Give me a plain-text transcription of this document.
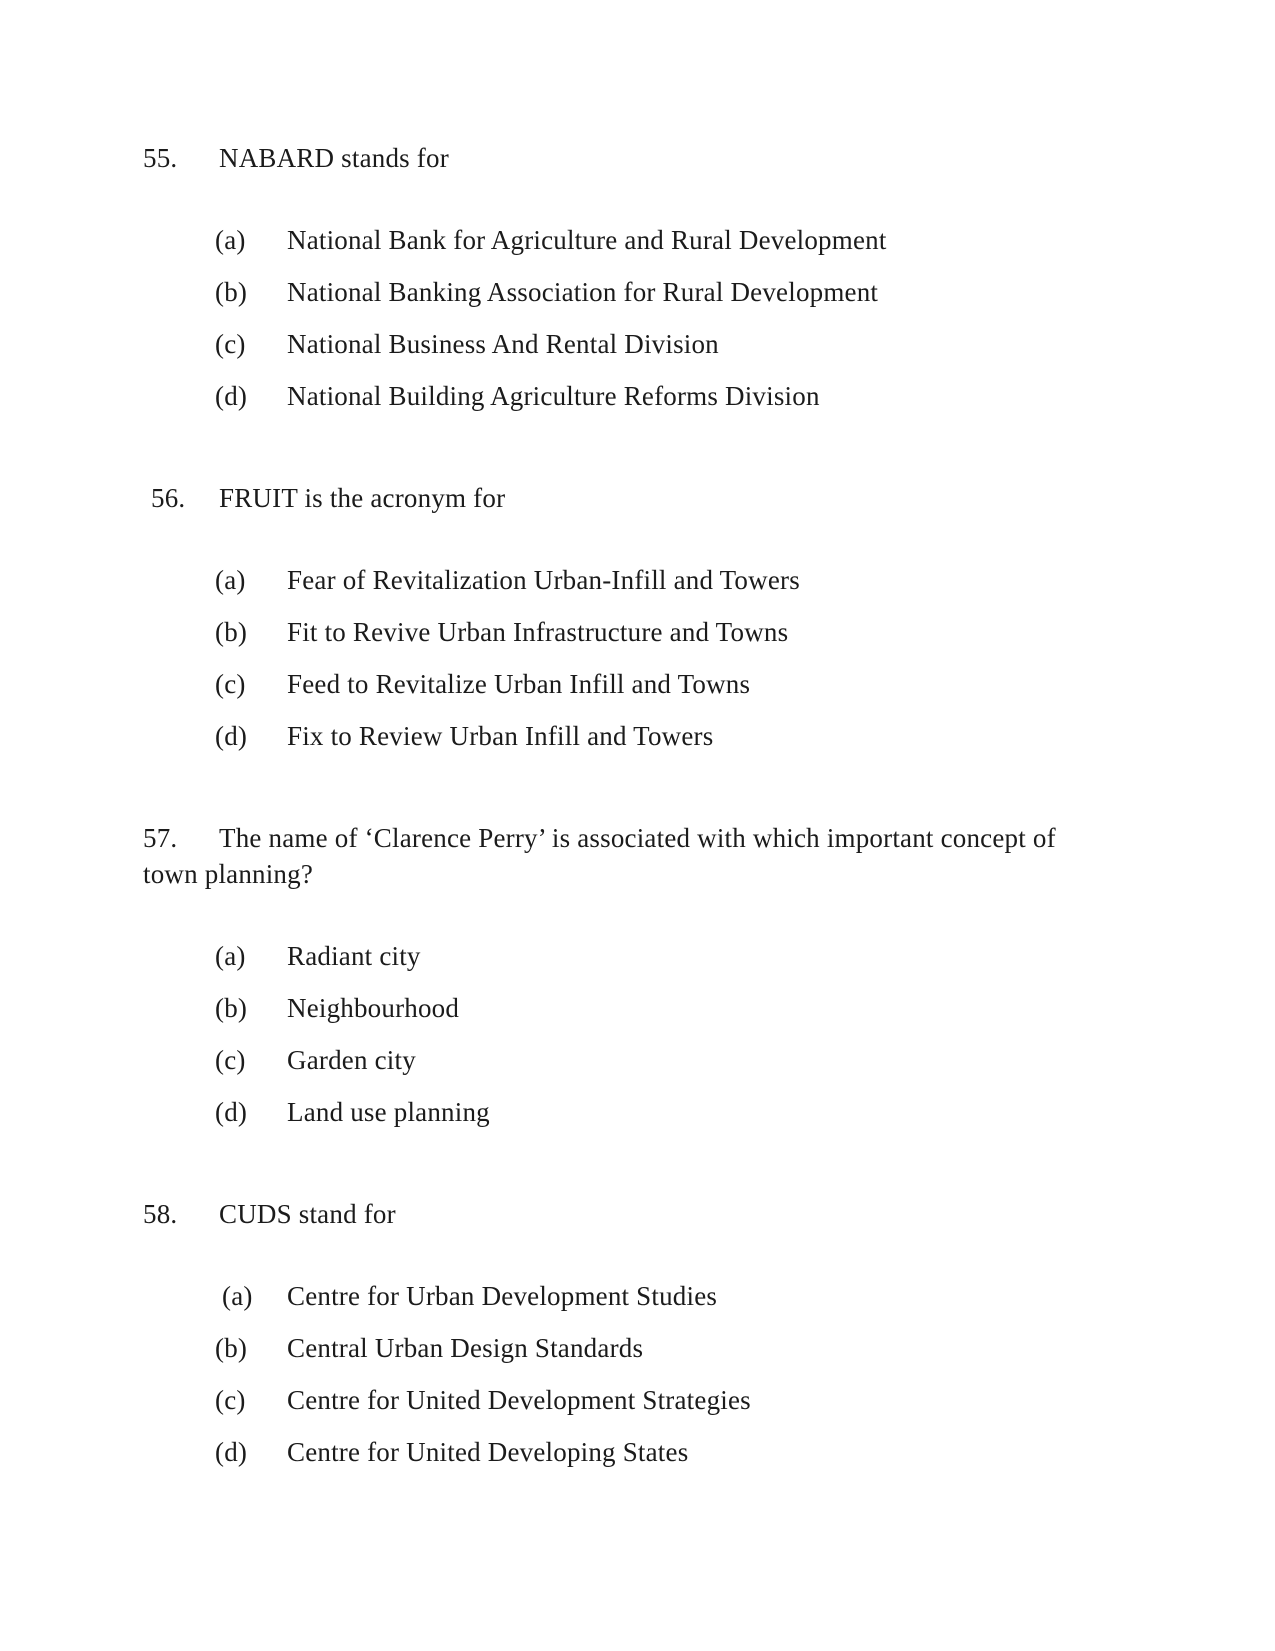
55. NABARD stands for

(a)	National Bank for Agriculture and Rural Development
(b)	National Banking Association for Rural Development
(c)	National Business And Rental Division
(d)	National Building Agriculture Reforms Division

56. FRUIT is the acronym for

(a)	Fear of Revitalization Urban-Infill and Towers
(b)	Fit to Revive Urban Infrastructure and Towns
(c)	Feed to Revitalize Urban Infill and Towns
(d)	Fix to Review Urban Infill and Towers

57. The name of ‘Clarence Perry’ is associated with which important concept of town planning?

(a)	Radiant city
(b)	Neighbourhood
(c)	Garden city
(d)	Land use planning

58. CUDS stand for

(a)	Centre for Urban Development Studies
(b)	Central Urban Design Standards
(c)	Centre for United Development Strategies
(d)	Centre for United Developing States
